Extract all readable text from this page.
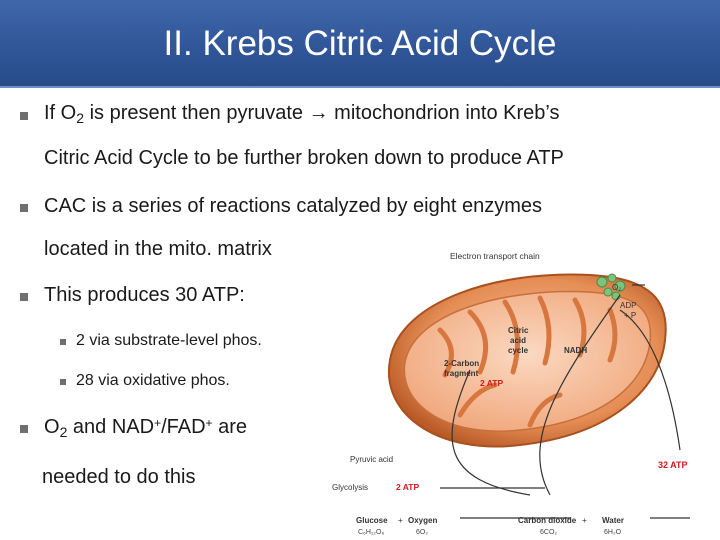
II. Krebs Citric Acid Cycle
If $O_2$ is present then pyruvate → mitochondrion into Kreb’s
Citric Acid Cycle to be further broken down to produce ATP
CAC is a series of reactions catalyzed by eight enzymes
located in the mito. matrix
This produces 30 ATP:
2 via substrate-level phos.
28 via oxidative phos.
$O_2$ and NAD+/FAD+ are
needed to do this
Electron transport chain
O₂
ADP
+ P
Citric
acid
cycle	NADH
2-Carbon
fragment
2 ATP
Pyruvic acid
Glycolysis	2 ATP
32 ATP
Glucose + Oxygen	Carbon dioxide + Water
C₆H₁₂O₆	6O₂	6CO₂	6H₂O
